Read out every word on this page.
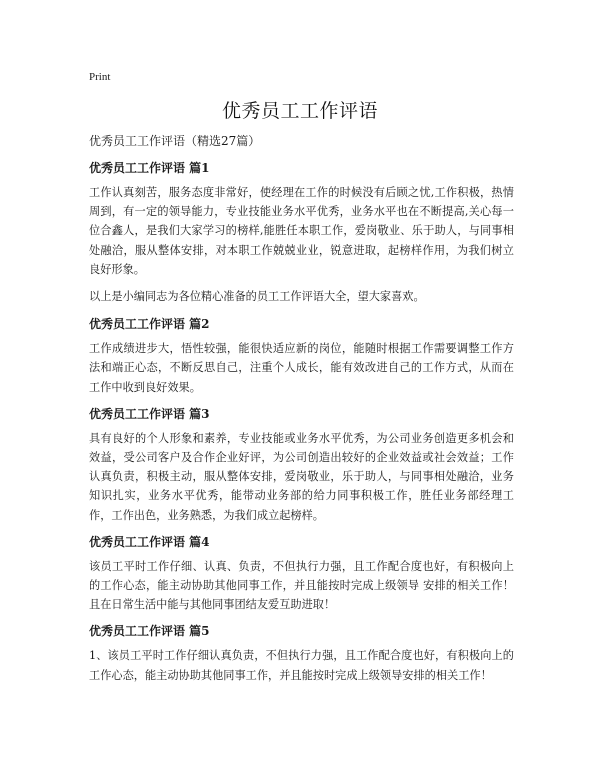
Print
优秀员工工作评语
优秀员工工作评语（精选27篇）
优秀员工工作评语 篇1

工作认真刻苦，服务态度非常好，使经理在工作的时候没有后顾之忧,工作积极，热情周到，有一定的领导能力，专业技能业务水平优秀，业务水平也在不断提高,关心每一位合鑫人，是我们大家学习的榜样,能胜任本职工作，爱岗敬业、乐于助人，与同事相处融洽，服从整体安排，对本职工作兢兢业业，锐意进取，起榜样作用，为我们树立良好形象。

以上是小编同志为各位精心准备的员工工作评语大全，望大家喜欢。

优秀员工工作评语 篇2

工作成绩进步大，悟性较强，能很快适应新的岗位，能随时根据工作需要调整工作方法和端正心态，不断反思自己，注重个人成长，能有效改进自己的工作方式，从而在工作中收到良好效果。

优秀员工工作评语 篇3

具有良好的个人形象和素养，专业技能或业务水平优秀，为公司业务创造更多机会和效益，受公司客户及合作企业好评，为公司创造出较好的企业效益或社会效益；工作认真负责，积极主动，服从整体安排，爱岗敬业，乐于助人，与同事相处融洽，业务知识扎实，业务水平优秀，能带动业务部的给力同事积极工作，胜任业务部经理工作，工作出色，业务熟悉，为我们成立起榜样。

优秀员工工作评语 篇4

该员工平时工作仔细、认真、负责，不但执行力强，且工作配合度也好，有积极向上的工作心态，能主动协助其他同事工作，并且能按时完成上级领导 安排的相关工作！且在日常生活中能与其他同事团结友爱互助进取！

优秀员工工作评语 篇5

1、该员工平时工作仔细认真负责，不但执行力强，且工作配合度也好，有积极向上的工作心态，能主动协助其他同事工作，并且能按时完成上级领导安排的相关工作！
